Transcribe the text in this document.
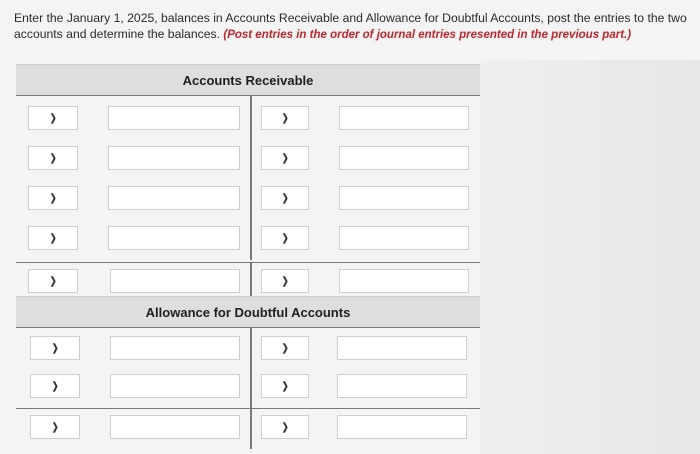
Enter the January 1, 2025, balances in Accounts Receivable and Allowance for Doubtful Accounts, post the entries to the two accounts and determine the balances. (Post entries in the order of journal entries presented in the previous part.)
Accounts Receivable
❯	❯
❯	❯
❯	❯
❯	❯
❯	❯
Allowance for Doubtful Accounts
❯	❯
❯	❯
❯	❯
